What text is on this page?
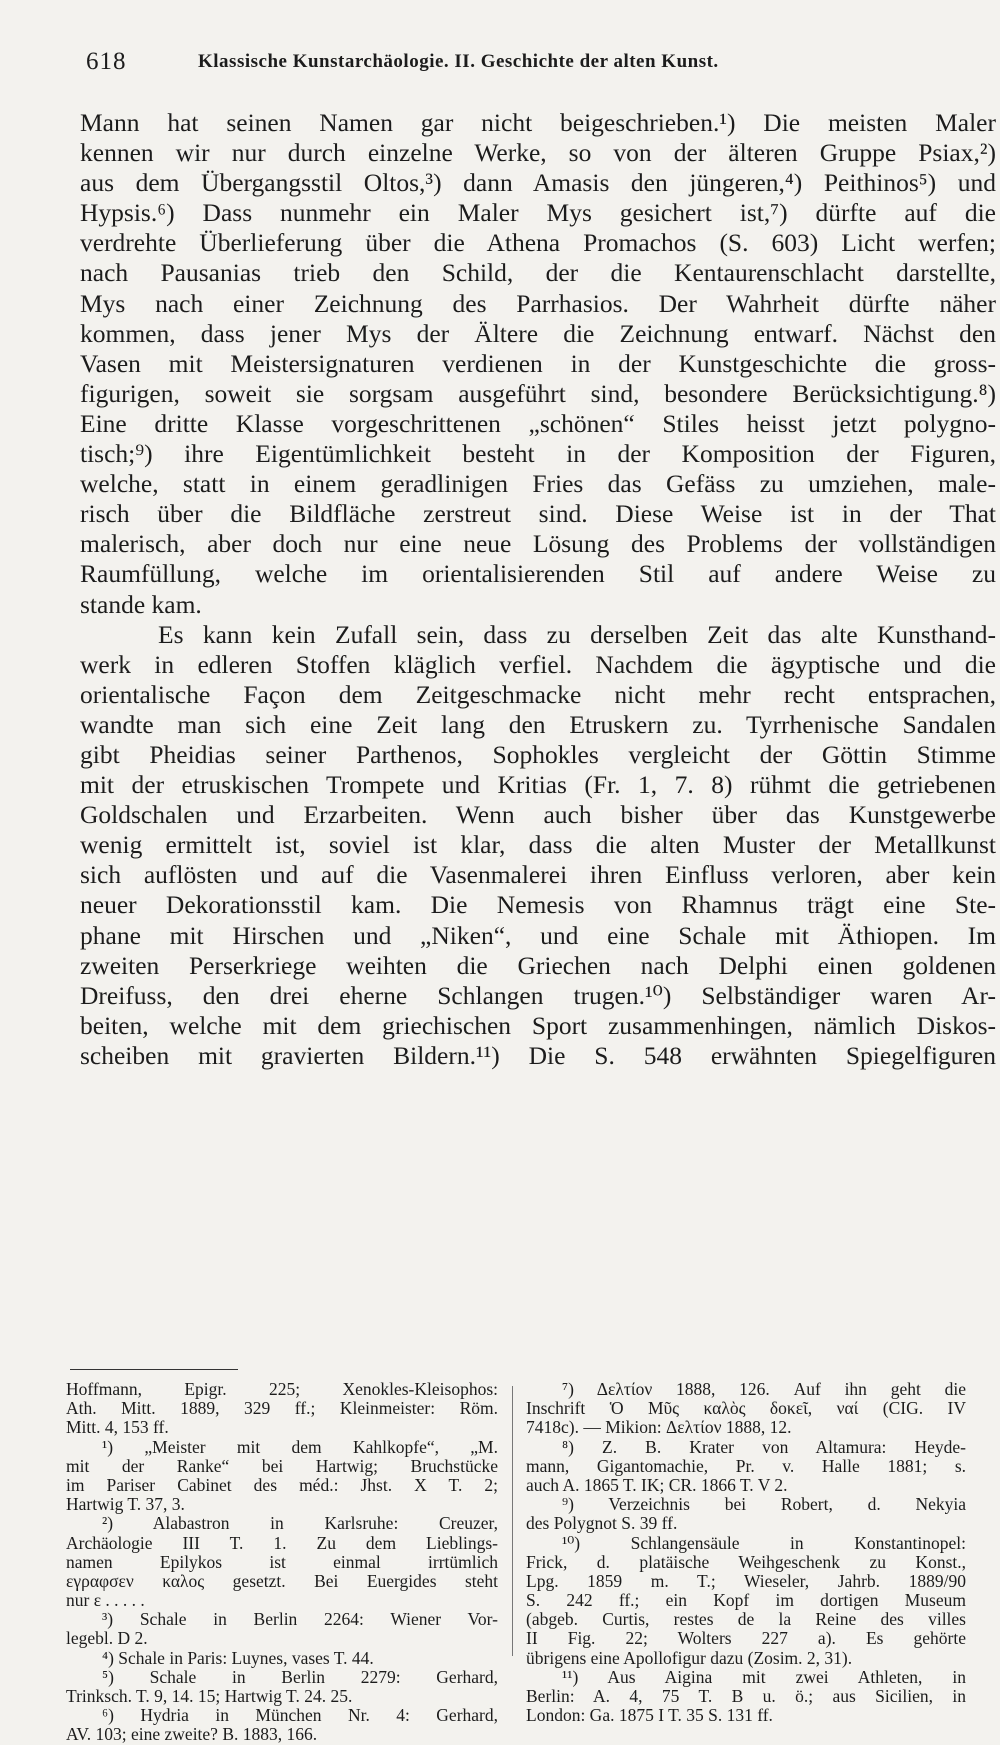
618	Klassische Kunstarchäologie. II. Geschichte der alten Kunst.
Mann hat seinen Namen gar nicht beigeschrieben.¹) Die meisten Maler
kennen wir nur durch einzelne Werke, so von der älteren Gruppe Psiax,²)
aus dem Übergangsstil Oltos,³) dann Amasis den jüngeren,⁴) Peithinos⁵) und
Hypsis.⁶) Dass nunmehr ein Maler Mys gesichert ist,⁷) dürfte auf die
verdrehte Überlieferung über die Athena Promachos (S. 603) Licht werfen;
nach Pausanias trieb den Schild, der die Kentaurenschlacht darstellte,
Mys nach einer Zeichnung des Parrhasios. Der Wahrheit dürfte näher
kommen, dass jener Mys der Ältere die Zeichnung entwarf. Nächst den
Vasen mit Meistersignaturen verdienen in der Kunstgeschichte die gross-
figurigen, soweit sie sorgsam ausgeführt sind, besondere Berücksichtigung.⁸)
Eine dritte Klasse vorgeschrittenen „schönen“ Stiles heisst jetzt polygno-
tisch;⁹) ihre Eigentümlichkeit besteht in der Komposition der Figuren,
welche, statt in einem geradlinigen Fries das Gefäss zu umziehen, male-
risch über die Bildfläche zerstreut sind. Diese Weise ist in der That
malerisch, aber doch nur eine neue Lösung des Problems der vollständigen
Raumfüllung, welche im orientalisierenden Stil auf andere Weise zu
stande kam.
Es kann kein Zufall sein, dass zu derselben Zeit das alte Kunsthand-
werk in edleren Stoffen kläglich verfiel. Nachdem die ägyptische und die
orientalische Façon dem Zeitgeschmacke nicht mehr recht entsprachen,
wandte man sich eine Zeit lang den Etruskern zu. Tyrrhenische Sandalen
gibt Pheidias seiner Parthenos, Sophokles vergleicht der Göttin Stimme
mit der etruskischen Trompete und Kritias (Fr. 1, 7. 8) rühmt die getriebenen
Goldschalen und Erzarbeiten. Wenn auch bisher über das Kunstgewerbe
wenig ermittelt ist, soviel ist klar, dass die alten Muster der Metallkunst
sich auflösten und auf die Vasenmalerei ihren Einfluss verloren, aber kein
neuer Dekorationsstil kam. Die Nemesis von Rhamnus trägt eine Ste-
phane mit Hirschen und „Niken“, und eine Schale mit Äthiopen. Im
zweiten Perserkriege weihten die Griechen nach Delphi einen goldenen
Dreifuss, den drei eherne Schlangen trugen.¹⁰) Selbständiger waren Ar-
beiten, welche mit dem griechischen Sport zusammenhingen, nämlich Diskos-
scheiben mit gravierten Bildern.¹¹) Die S. 548 erwähnten Spiegelfiguren
Hoffmann, Epigr. 225; Xenokles-Kleisophos:
Ath. Mitt. 1889, 329 ff.; Kleinmeister: Röm.
Mitt. 4, 153 ff.
¹) „Meister mit dem Kahlkopfe“, „M.
mit der Ranke“ bei Hartwig; Bruchstücke
im Pariser Cabinet des méd.: Jhst. X T. 2;
Hartwig T. 37, 3.
²) Alabastron in Karlsruhe: Creuzer,
Archäologie III T. 1. Zu dem Lieblings-
namen Epilykos ist einmal irrtümlich
εγραφσεν καλος gesetzt. Bei Euergides steht
nur ε . . . . .
³) Schale in Berlin 2264: Wiener Vor-
legebl. D 2.
⁴) Schale in Paris: Luynes, vases T. 44.
⁵) Schale in Berlin 2279: Gerhard,
Trinksch. T. 9, 14. 15; Hartwig T. 24. 25.
⁶) Hydria in München Nr. 4: Gerhard,
AV. 103; eine zweite? B. 1883, 166.
⁷) Δελτίον 1888, 126. Auf ihn geht die
Inschrift Ὁ Μῦς καλὸς δοκεῖ, ναί (CIG. IV
7418c). — Mikion: Δελτίον 1888, 12.
⁸) Z. B. Krater von Altamura: Heyde-
mann, Gigantomachie, Pr. v. Halle 1881; s.
auch A. 1865 T. IK; CR. 1866 T. V 2.
⁹) Verzeichnis bei Robert, d. Nekyia
des Polygnot S. 39 ff.
¹⁰) Schlangensäule in Konstantinopel:
Frick, d. platäische Weihgeschenk zu Konst.,
Lpg. 1859 m. T.; Wieseler, Jahrb. 1889/90
S. 242 ff.; ein Kopf im dortigen Museum
(abgeb. Curtis, restes de la Reine des villes
II Fig. 22; Wolters 227 a). Es gehörte
übrigens eine Apollofigur dazu (Zosim. 2, 31).
¹¹) Aus Aigina mit zwei Athleten, in
Berlin: A. 4, 75 T. B u. ö.; aus Sicilien, in
London: Ga. 1875 I T. 35 S. 131 ff.
